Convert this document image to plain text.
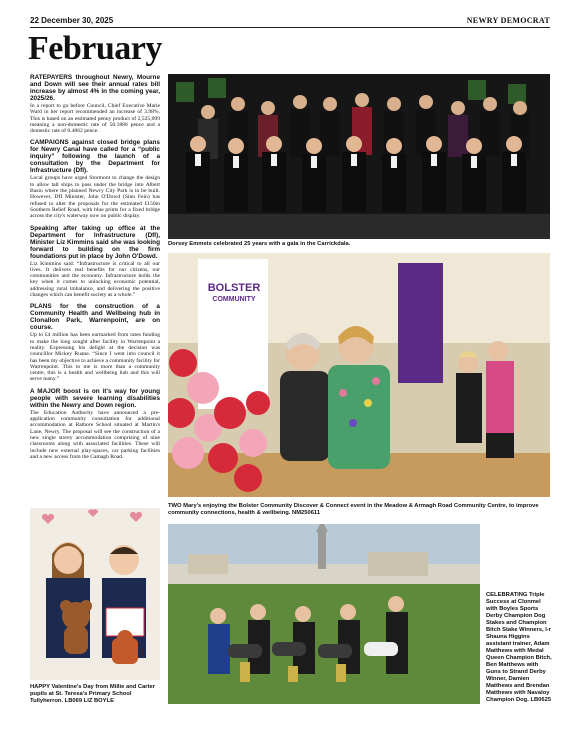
22 December 30, 2025	NEWRY DEMOCRAT
February
RATEPAYERS throughout Newry, Mourne and Down will see their annual rates bill increase by almost 4% in the coming year, 2025/26.
In a report to go before Council, Chief Executive Marie Ward in her report recommended an increase of 3.98%. This is based on an estimated penny product of 2,525,099 meaning a non-domestic rate of 50.1886 pence and a domestic rate of 0.4862 pence.
CAMPAIGNS against closed bridge plans for Newry Canal have called for a “public inquiry” following the launch of a consultation by the Department for Infrastructure (DfI).
Local groups have urged Stormont to change the design to allow tall ships to pass under the bridge into Albert Basin where the planned Newry City Park is to be built. However, DfI Minister, John O'Dowd (Sinn Fein) has refused to alter the proposals for the estimated £150m Southern Relief Road, with blue prints for a fixed bridge across the city's waterway now on public display.
Speaking after taking up office at the Department for Infrastructure (DfI), Minister Liz Kimmins said she was looking forward to building on the firm foundations put in place by John O'Dowd.
Liz Kimmins said: “Infrastructure is critical to all our lives. It delivers real benefits for our citizens, our communities and the economy. Infrastructure holds the key when it comes to unlocking economic potential, addressing rural imbalance, and delivering the positive changes which can benefit society as a whole.”
PLANS for the construction of a Community Health and Wellbeing hub in Clonallon Park, Warrenpoint, are on course.
Up to £4 million has been earmarked from rates funding to make the long sought after facility in Warrenpoint a reality. Expressing his delight at the decision was councillor Mickey Ruane. “Since I went into council it has been my objective to achieve a community facility for Warrenpoint. This to me is more than a community centre, this is a health and wellbeing hub and this will serve many.”
A MAJOR boost is on it's way for young people with severe learning disabilities within the Newry and Down region.
The Education Authority have announced a pre-application community consultation for additional accommodation at Rathore School situated at Martin's Lane, Newry. The proposal will see the construction of a new single storey accommodation comprising of nine classrooms along with associated facilities. These will include new external play-spaces, car parking facilities and a new access from the Camagh Road.
Dorsey Emmets celebrated 25 years with a gala in the Carrickdala.
BOLSTER
COMMUNITY
TWO Mary's enjoying the Bolster Community Discover & Connect event in the Meadow & Armagh Road Community Centre, to improve community connections, health & wellbeing. NM250611
HAPPY Valentine's Day from Millie and Carter pupils at St. Teresa's Primary School Tullyherron. LB069 LIZ BOYLE
CELEBRATING Triple Success at Clonmel with Boyles Sports Derby Champion Dog Stakes and Champion Bitch Stake Winners, l-r Shauna Higgins assistant trainer, Adam Matthews with Medal Queen Champion Bitch, Ben Matthews with Guns to Strand Derby Winner, Damien Matthews and Brendan Matthews with Navaloy Champion Dog. LB0625
